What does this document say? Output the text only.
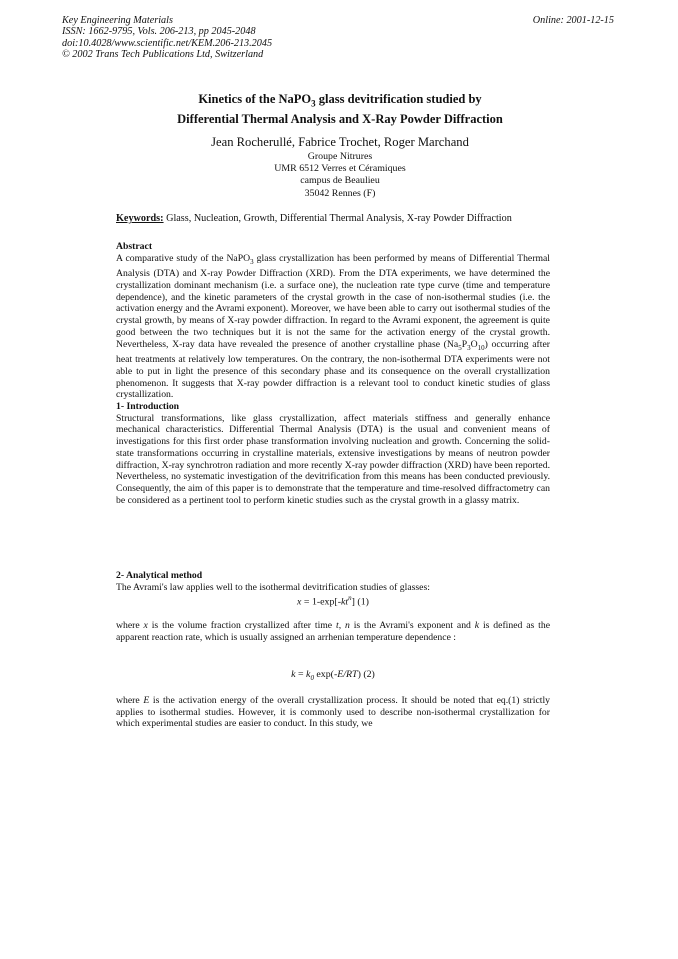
Key Engineering Materials
ISSN: 1662-9795, Vols. 206-213, pp 2045-2048
doi:10.4028/www.scientific.net/KEM.206-213.2045
© 2002 Trans Tech Publications Ltd, Switzerland
Online: 2001-12-15
Kinetics of the NaPO$_3$ glass devitrification studied by
Differential Thermal Analysis and X-Ray Powder Diffraction
Jean Rocherullé, Fabrice Trochet, Roger Marchand
Groupe Nitrures
UMR 6512 Verres et Céramiques
campus de Beaulieu
35042 Rennes (F)
Keywords: Glass, Nucleation, Growth, Differential Thermal Analysis, X-ray Powder Diffraction
Abstract

A comparative study of the NaPO$_3$ glass crystallization has been performed by means of Differential Thermal Analysis (DTA) and X-ray Powder Diffraction (XRD). From the DTA experiments, we have determined the crystallization dominant mechanism (i.e. a surface one), the nucleation rate type curve (time and temperature dependence), and the kinetic parameters of the crystal growth in the case of non-isothermal studies (i.e. the activation energy and the Avrami exponent). Moreover, we have been able to carry out isothermal studies of the crystal growth, by means of X-ray powder diffraction. In regard to the Avrami exponent, the agreement is quite good between the two techniques but it is not the same for the activation energy of the crystal growth. Nevertheless, X-ray data have revealed the presence of another crystalline phase $(Na_5P_3O_{10})$ occurring after heat treatments at relatively low temperatures. On the contrary, the non-isothermal DTA experiments were not able to put in light the presence of this secondary phase and its consequence on the overall crystallization phenomenon. It suggests that X-ray powder diffraction is a relevant tool to conduct kinetic studies of glass crystallization.

1- Introduction

Structural transformations, like glass crystallization, affect materials stiffness and generally enhance mechanical characteristics. Differential Thermal Analysis (DTA) is the usual and convenient means of investigations for this first order phase transformation involving nucleation and growth. Concerning the solid-state transformations occurring in crystalline materials, extensive investigations by means of neutron powder diffraction, X-ray synchrotron radiation and more recently X-ray powder diffraction (XRD) have been reported. Nevertheless, no systematic investigation of the devitrification from this means has been conducted previously. Consequently, the aim of this paper is to demonstrate that the temperature and time-resolved diffractometry can be considered as a pertinent tool to perform kinetic studies such as the crystal growth in a glassy matrix.

2- Analytical method

The Avrami's law applies well to the isothermal devitrification studies of glasses:

$x = 1-\exp[-kt^n]$ (1)

where x is the volume fraction crystallized after time t, n is the Avrami's exponent and k is defined as the apparent reaction rate, which is usually assigned an arrhenian temperature dependence :

$k = k_0$ exp(-E/RT) (2)

where E is the activation energy of the overall crystallization process. It should be noted that eq.(1) strictly applies to isothermal studies. However, it is commonly used to describe non-isothermal crystallization for which experimental studies are easier to conduct. In this study, we
